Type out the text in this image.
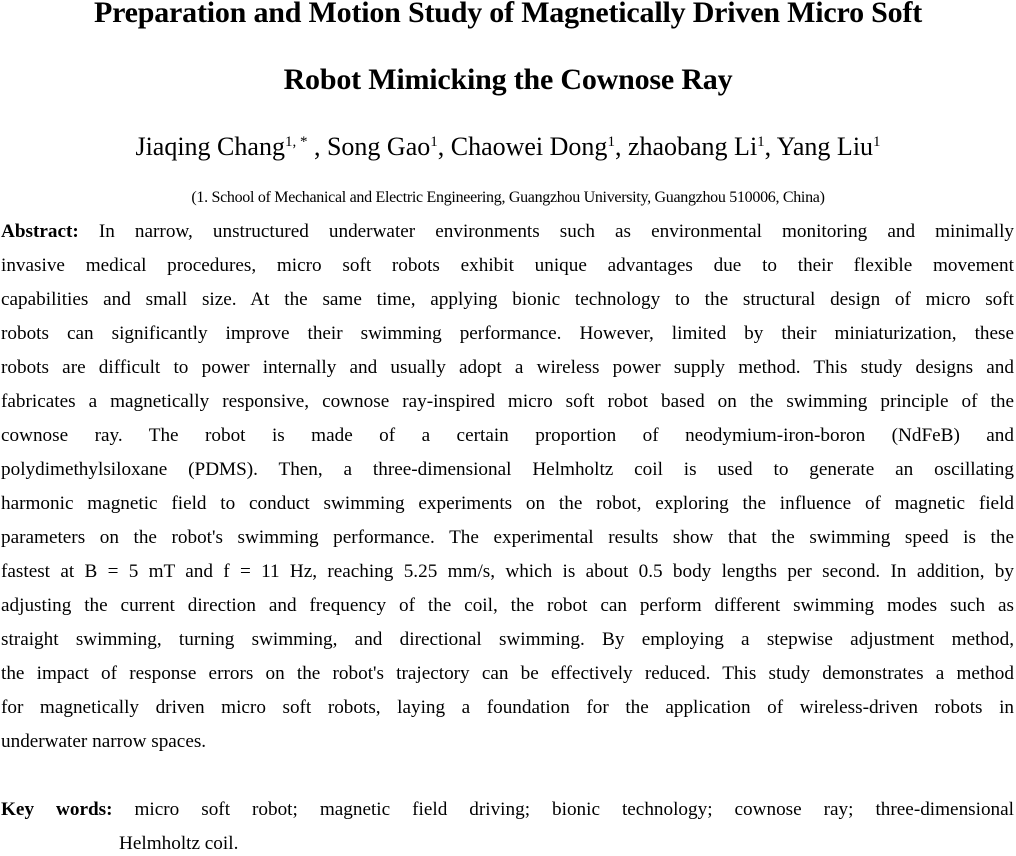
Preparation and Motion Study of Magnetically Driven Micro Soft
Robot Mimicking the Cownose Ray
Jiaqing Chang$^{1, *}$ , Song Gao$^1$, Chaowei Dong$^1$, zhaobang Li$^1$, Yang Liu$^1$
(1. School of Mechanical and Electric Engineering, Guangzhou University, Guangzhou 510006, China)
Abstract: In narrow, unstructured underwater environments such as environmental monitoring and minimally
invasive medical procedures, micro soft robots exhibit unique advantages due to their flexible movement
capabilities and small size. At the same time, applying bionic technology to the structural design of micro soft
robots can significantly improve their swimming performance. However, limited by their miniaturization, these
robots are difficult to power internally and usually adopt a wireless power supply method. This study designs and
fabricates a magnetically responsive, cownose ray-inspired micro soft robot based on the swimming principle of the
cownose ray. The robot is made of a certain proportion of neodymium-iron-boron (NdFeB) and
polydimethylsiloxane (PDMS). Then, a three-dimensional Helmholtz coil is used to generate an oscillating
harmonic magnetic field to conduct swimming experiments on the robot, exploring the influence of magnetic field
parameters on the robot's swimming performance. The experimental results show that the swimming speed is the
fastest at B = 5 mT and f = 11 Hz, reaching 5.25 mm/s, which is about 0.5 body lengths per second. In addition, by
adjusting the current direction and frequency of the coil, the robot can perform different swimming modes such as
straight swimming, turning swimming, and directional swimming. By employing a stepwise adjustment method,
the impact of response errors on the robot's trajectory can be effectively reduced. This study demonstrates a method
for magnetically driven micro soft robots, laying a foundation for the application of wireless-driven robots in
underwater narrow spaces.
Key words: micro soft robot; magnetic field driving; bionic technology; cownose ray; three-dimensional
Helmholtz coil.
